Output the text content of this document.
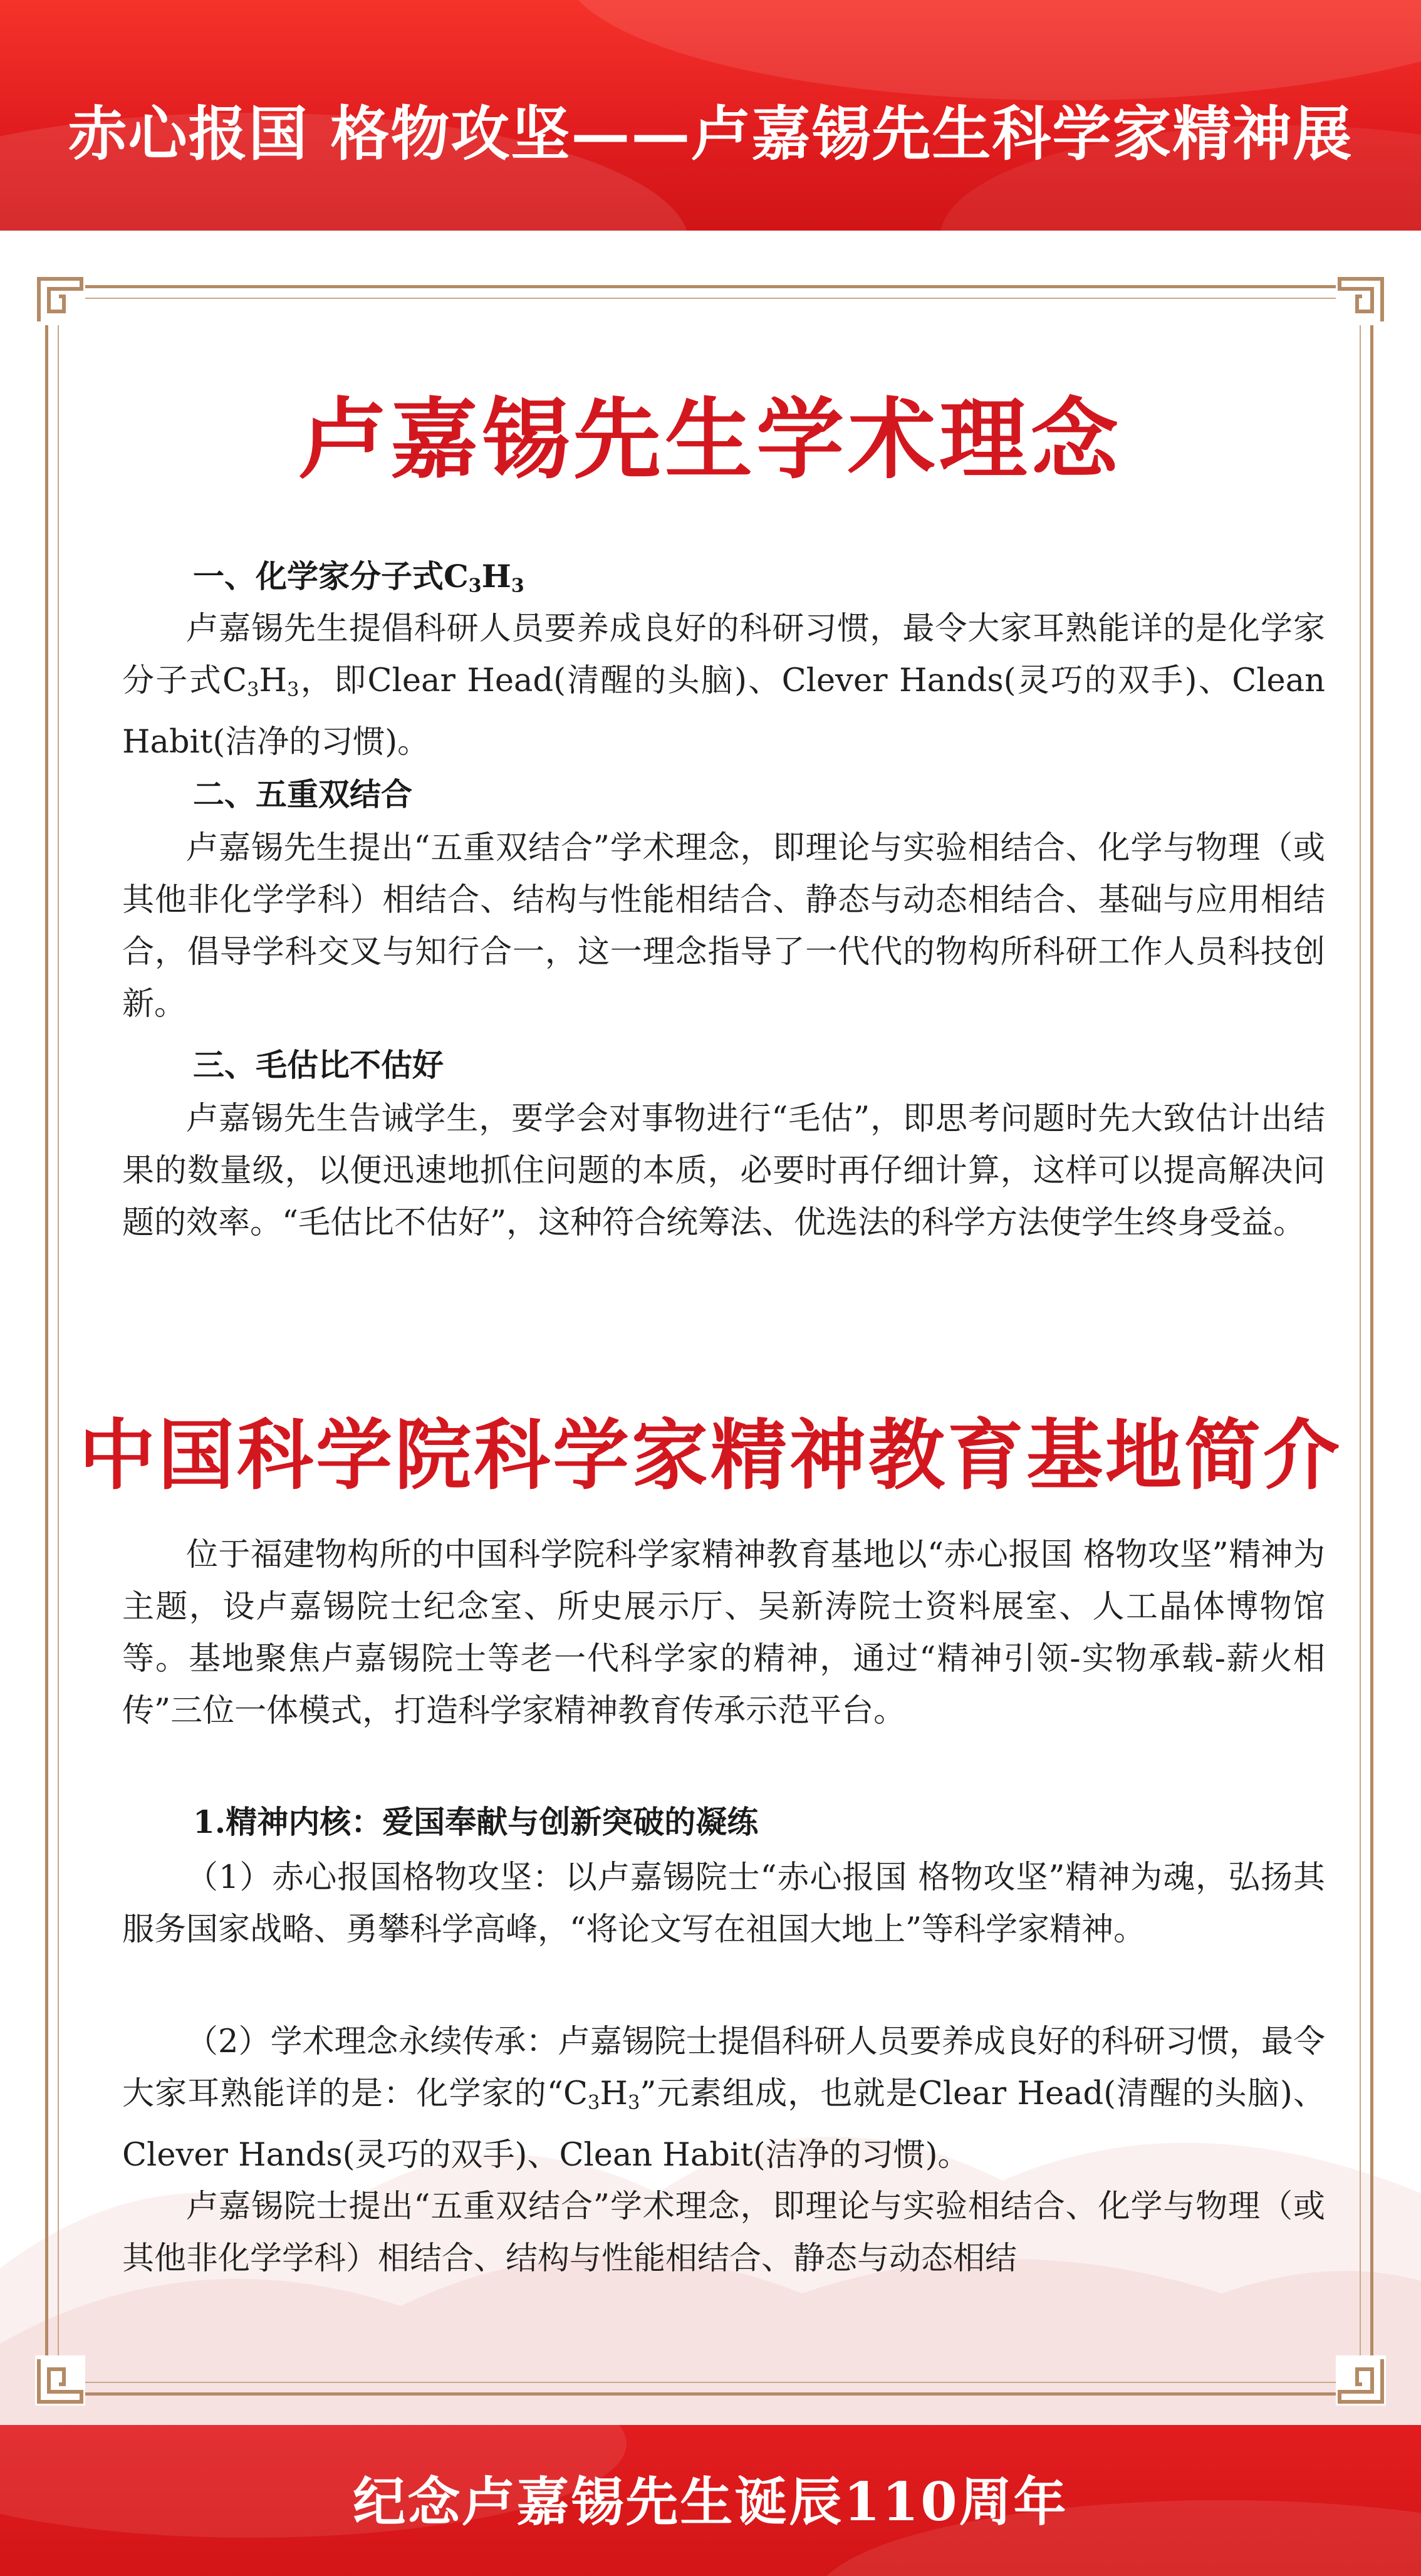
赤心报国 格物攻坚——卢嘉锡先生科学家精神展
卢嘉锡先生学术理念
一、化学家分子式$C_3H_3$

卢嘉锡先生提倡科研人员要养成良好的科研习惯，最令大家耳熟能详的是化学家分子式$C_3H_3$，即Clear Head(清醒的头脑)、Clever Hands(灵巧的双手)、Clean Habit(洁净的习惯)。

二、五重双结合

卢嘉锡先生提出“五重双结合”学术理念，即理论与实验相结合、化学与物理（或其他非化学学科）相结合、结构与性能相结合、静态与动态相结合、基础与应用相结合，倡导学科交叉与知行合一，这一理念指导了一代代的物构所科研工作人员科技创新。

三、毛估比不估好

卢嘉锡先生告诫学生，要学会对事物进行“毛估”，即思考问题时先大致估计出结果的数量级，以便迅速地抓住问题的本质，必要时再仔细计算，这样可以提高解决问题的效率。“毛估比不估好”，这种符合统筹法、优选法的科学方法使学生终身受益。

中国科学院科学家精神教育基地简介

位于福建物构所的中国科学院科学家精神教育基地以“赤心报国 格物攻坚”精神为主题，设卢嘉锡院士纪念室、所史展示厅、吴新涛院士资料展室、人工晶体博物馆等。基地聚焦卢嘉锡院士等老一代科学家的精神，通过“精神引领-实物承载-薪火相传”三位一体模式，打造科学家精神教育传承示范平台。

1.精神内核：爱国奉献与创新突破的凝练

（1）赤心报国格物攻坚：以卢嘉锡院士“赤心报国 格物攻坚”精神为魂，弘扬其服务国家战略、勇攀科学高峰，“将论文写在祖国大地上”等科学家精神。

（2）学术理念永续传承：卢嘉锡院士提倡科研人员要养成良好的科研习惯，最令大家耳熟能详的是：化学家的“$C_3H_3$”元素组成，也就是Clear Head(清醒的头脑)、Clever Hands(灵巧的双手)、Clean Habit(洁净的习惯)。

卢嘉锡院士提出“五重双结合”学术理念，即理论与实验相结合、化学与物理（或其他非化学学科）相结合、结构与性能相结合、静态与动态相结

纪念卢嘉锡先生诞辰110周年
